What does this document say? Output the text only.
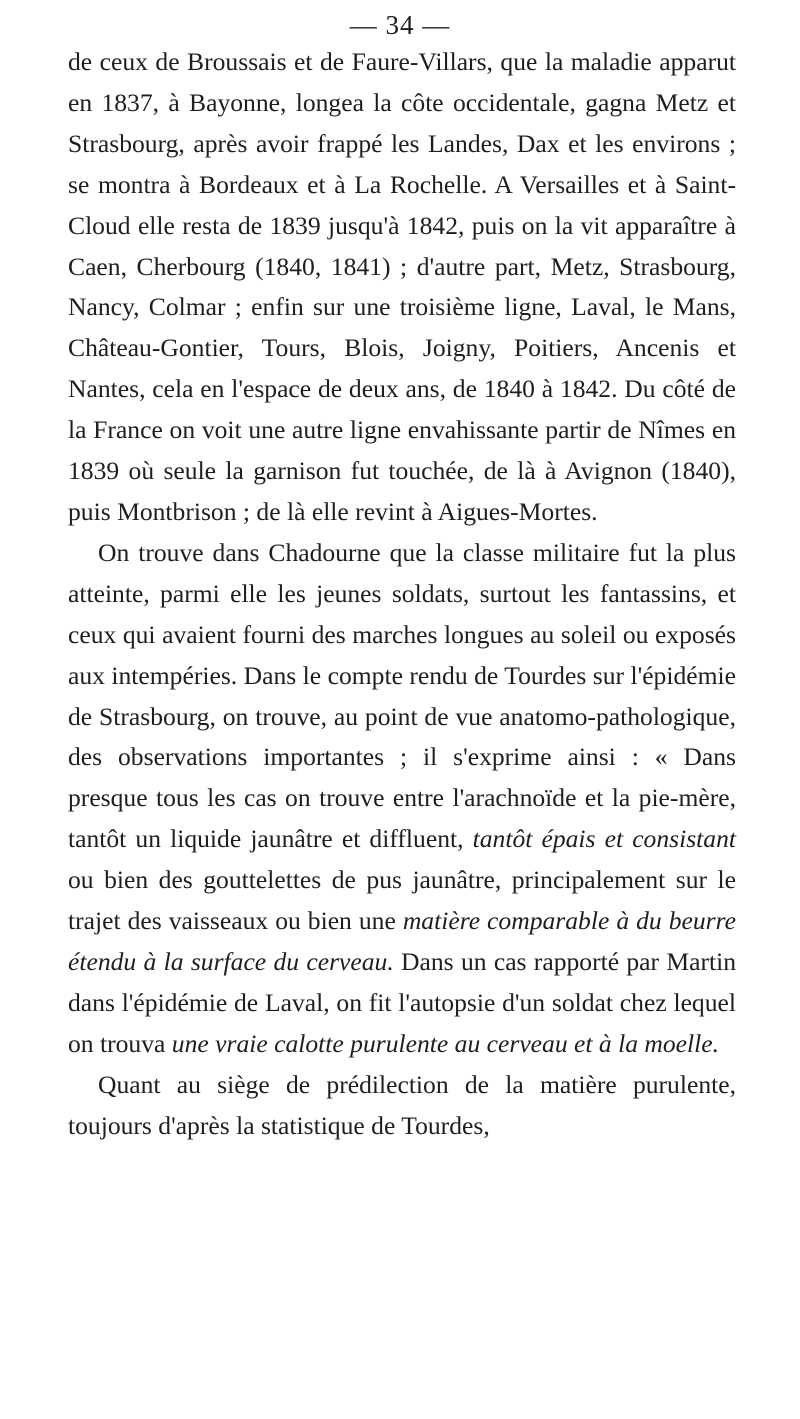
— 34 —

de ceux de Broussais et de Faure-Villars, que la maladie apparut en 1837, à Bayonne, longea la côte occidentale, gagna Metz et Strasbourg, après avoir frappé les Landes, Dax et les environs ; se montra à Bordeaux et à La Rochelle. A Versailles et à Saint-Cloud elle resta de 1839 jusqu'à 1842, puis on la vit apparaître à Caen, Cherbourg (1840, 1841) ; d'autre part, Metz, Strasbourg, Nancy, Colmar ; enfin sur une troisième ligne, Laval, le Mans, Château-Gontier, Tours, Blois, Joigny, Poitiers, Ancenis et Nantes, cela en l'espace de deux ans, de 1840 à 1842. Du côté de la France on voit une autre ligne envahissante partir de Nîmes en 1839 où seule la garnison fut touchée, de là à Avignon (1840), puis Montbrison ; de là elle revint à Aigues-Mortes.

On trouve dans Chadourne que la classe militaire fut la plus atteinte, parmi elle les jeunes soldats, surtout les fantassins, et ceux qui avaient fourni des marches longues au soleil ou exposés aux intempéries. Dans le compte rendu de Tourdes sur l'épidémie de Strasbourg, on trouve, au point de vue anatomo-pathologique, des observations importantes ; il s'exprime ainsi : « Dans presque tous les cas on trouve entre l'arachnoïde et la pie-mère, tantôt un liquide jaunâtre et diffluent, tantôt épais et consistant ou bien des gouttelettes de pus jaunâtre, principalement sur le trajet des vaisseaux ou bien une matière comparable à du beurre étendu à la surface du cerveau. Dans un cas rapporté par Martin dans l'épidémie de Laval, on fit l'autopsie d'un soldat chez lequel on trouva une vraie calotte purulente au cerveau et à la moelle.

Quant au siège de prédilection de la matière purulente, toujours d'après la statistique de Tourdes,
